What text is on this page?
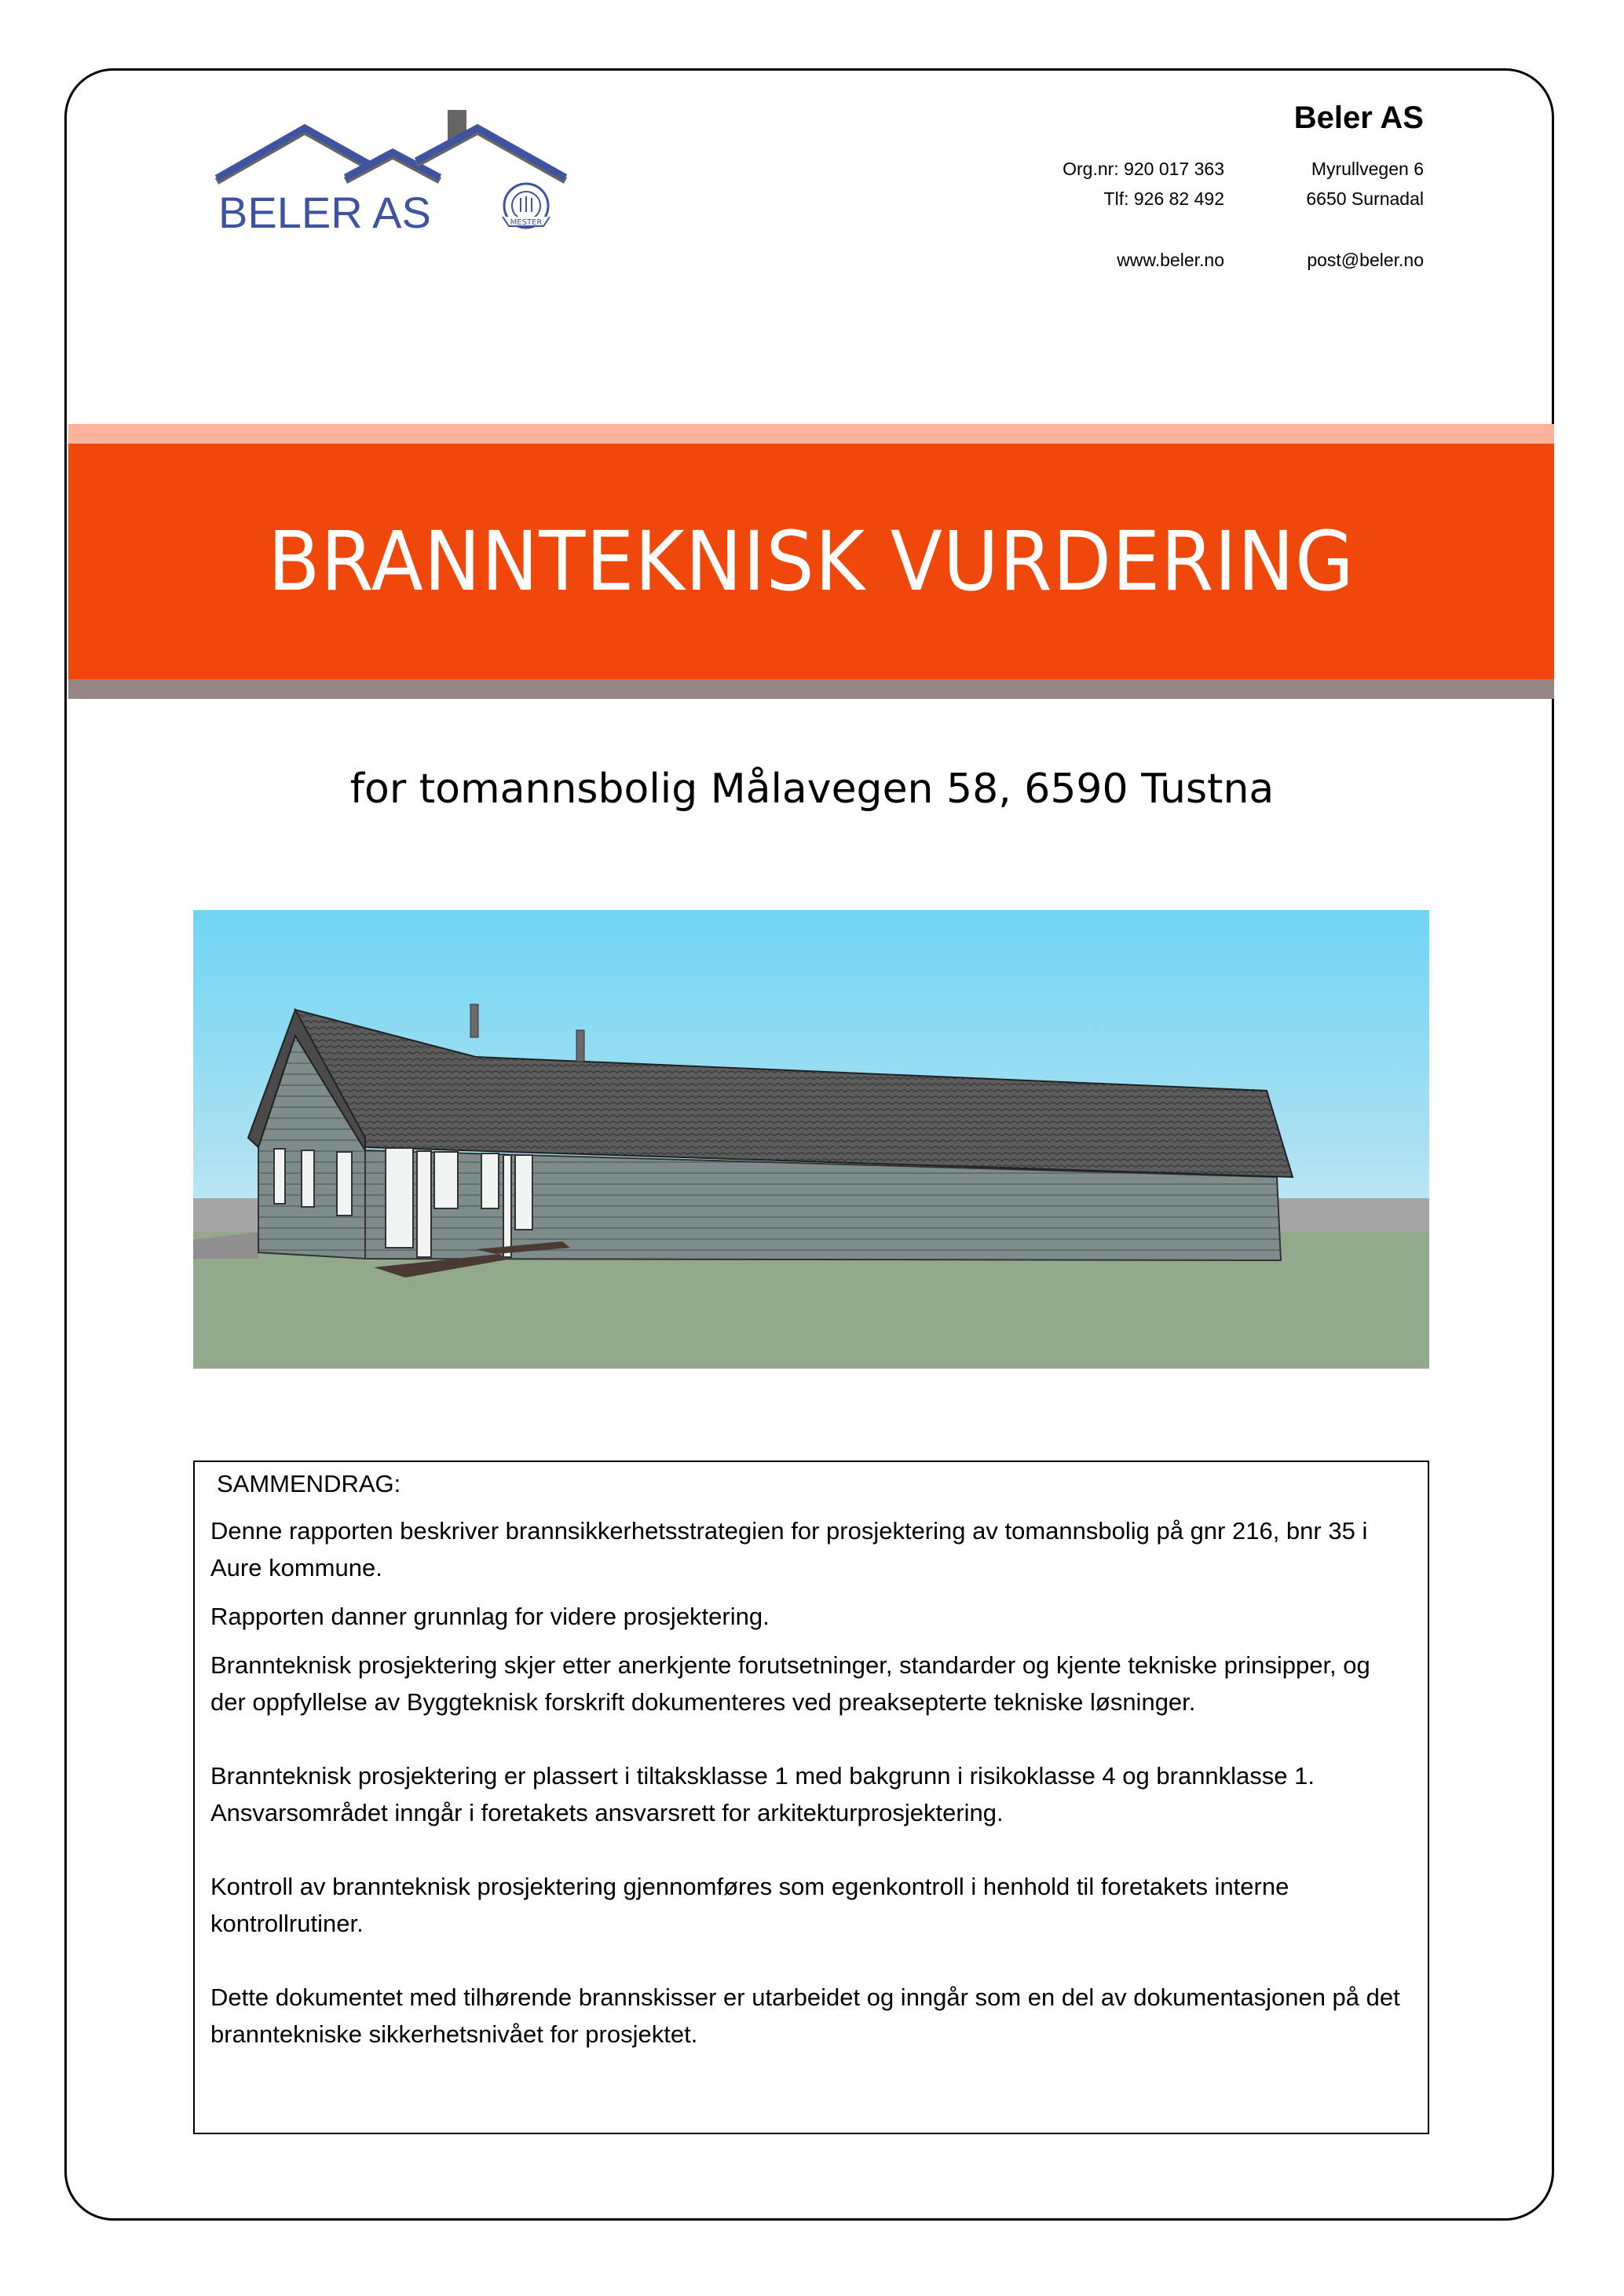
BELER AS	MESTER
Beler AS
Org.nr: 920 017 363
Tlf: 926 82 492
www.beler.no
Myrullvegen 6
6650 Surnadal
post@beler.no
BRANNTEKNISK VURDERING
for tomannsbolig Målavegen 58, 6590 Tustna
SAMMENDRAG:

Denne rapporten beskriver brannsikkerhetsstrategien for prosjektering av tomannsbolig på gnr 216, bnr 35 i Aure kommune.

Rapporten danner grunnlag for videre prosjektering.

Brannteknisk prosjektering skjer etter anerkjente forutsetninger, standarder og kjente tekniske prinsipper, og der oppfyllelse av Byggteknisk forskrift dokumenteres ved preaksepterte tekniske løsninger.

Brannteknisk prosjektering er plassert i tiltaksklasse 1 med bakgrunn i risikoklasse 4 og brannklasse 1. Ansvarsområdet inngår i foretakets ansvarsrett for arkitekturprosjektering.

Kontroll av brannteknisk prosjektering gjennomføres som egenkontroll i henhold til foretakets interne kontrollrutiner.

Dette dokumentet med tilhørende brannskisser er utarbeidet og inngår som en del av dokumentasjonen på det branntekniske sikkerhetsnivået for prosjektet.
